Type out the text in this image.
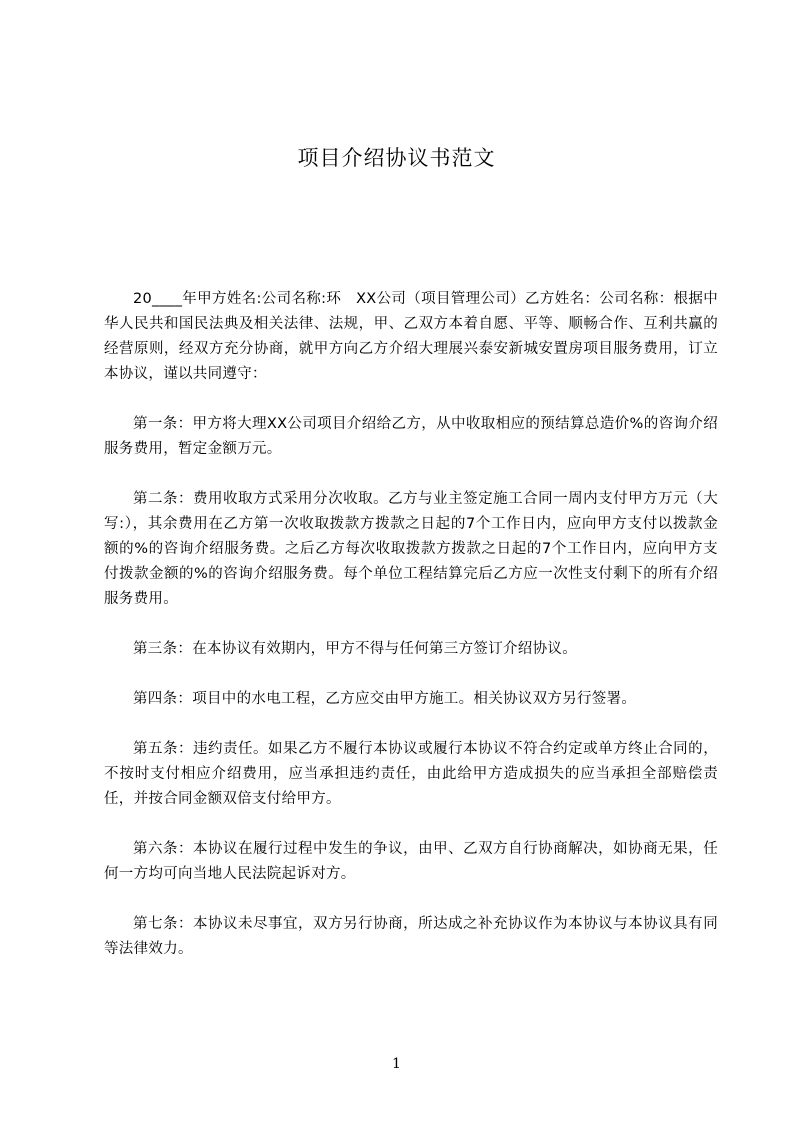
项目介绍协议书范文

20____年甲方姓名:公司名称:环　XX公司（项目管理公司）乙方姓名：公司名称：根据中华人民共和国民法典及相关法律、法规，甲、乙双方本着自愿、平等、顺畅合作、互利共赢的经营原则，经双方充分协商，就甲方向乙方介绍大理展兴泰安新城安置房项目服务费用，订立本协议，谨以共同遵守：

第一条：甲方将大理XX公司项目介绍给乙方，从中收取相应的预结算总造价%的咨询介绍服务费用，暂定金额万元。

第二条：费用收取方式采用分次收取。乙方与业主签定施工合同一周内支付甲方万元（大写:），其余费用在乙方第一次收取拨款方拨款之日起的7个工作日内，应向甲方支付以拨款金额的%的咨询介绍服务费。之后乙方每次收取拨款方拨款之日起的7个工作日内，应向甲方支付拨款金额的%的咨询介绍服务费。每个单位工程结算完后乙方应一次性支付剩下的所有介绍服务费用。

第三条：在本协议有效期内，甲方不得与任何第三方签订介绍协议。

第四条：项目中的水电工程，乙方应交由甲方施工。相关协议双方另行签署。

第五条：违约责任。如果乙方不履行本协议或履行本协议不符合约定或单方终止合同的，不按时支付相应介绍费用，应当承担违约责任，由此给甲方造成损失的应当承担全部赔偿责任，并按合同金额双倍支付给甲方。

第六条：本协议在履行过程中发生的争议，由甲、乙双方自行协商解决，如协商无果，任何一方均可向当地人民法院起诉对方。

第七条：本协议未尽事宜，双方另行协商，所达成之补充协议作为本协议与本协议具有同等法律效力。

1
